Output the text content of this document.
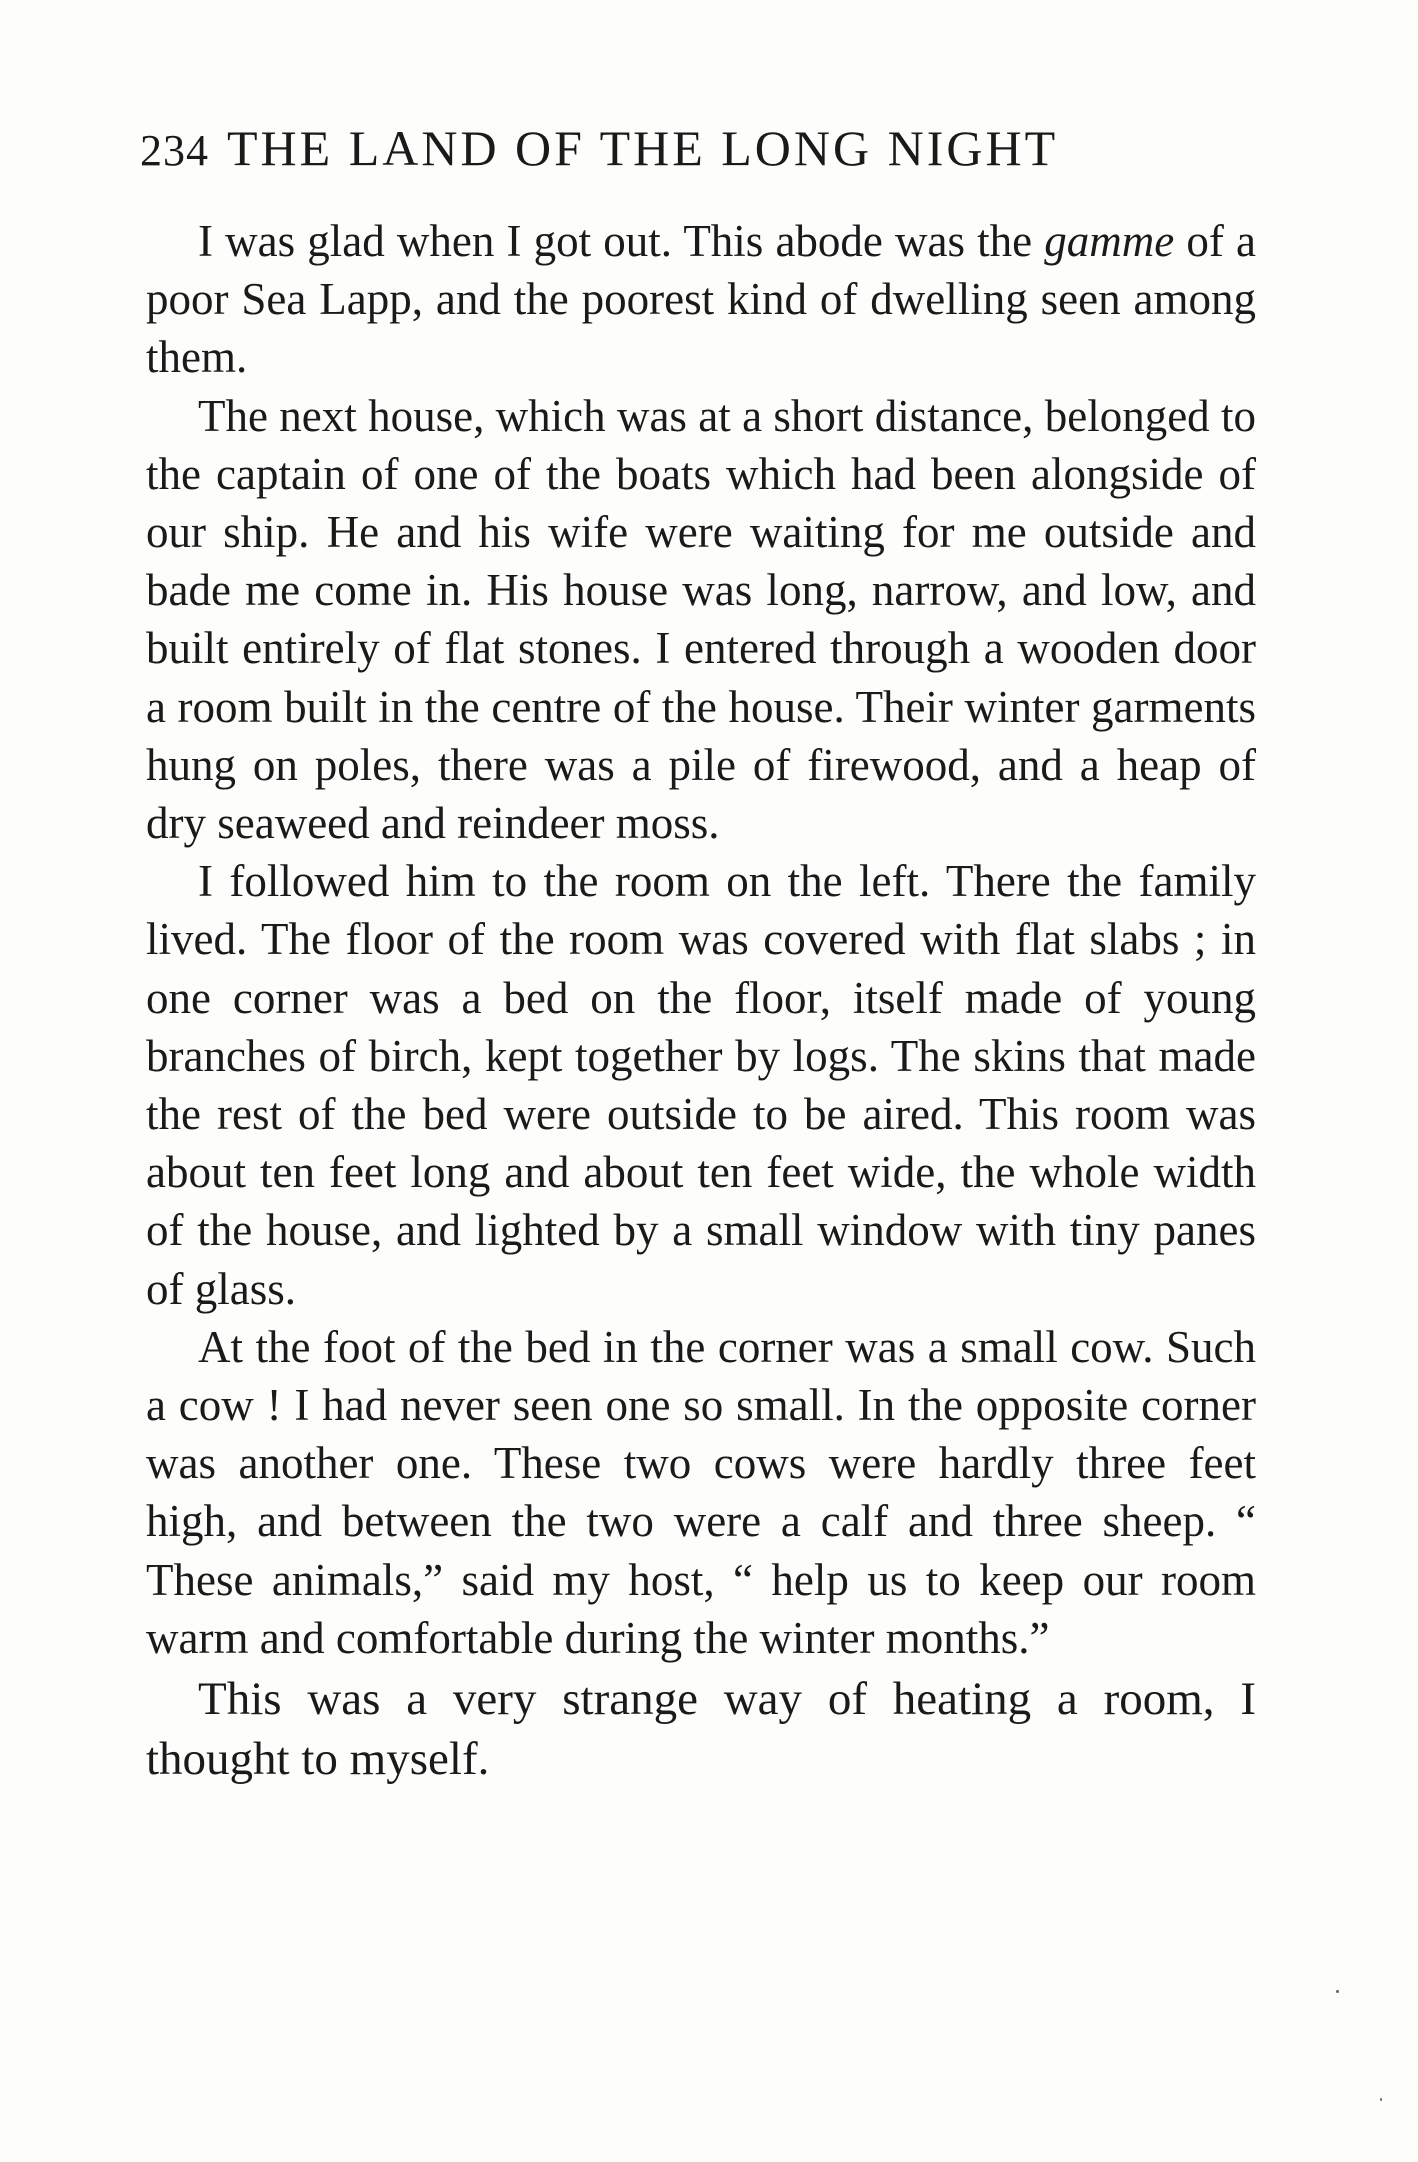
234 THE LAND OF THE LONG NIGHT

I was glad when I got out. This abode was the gamme of a poor Sea Lapp, and the poorest kind of dwelling seen among them.

The next house, which was at a short distance, belonged to the captain of one of the boats which had been alongside of our ship. He and his wife were waiting for me outside and bade me come in. His house was long, narrow, and low, and built entirely of flat stones. I entered through a wooden door a room built in the centre of the house. Their winter garments hung on poles, there was a pile of firewood, and a heap of dry seaweed and reindeer moss.

I followed him to the room on the left. There the family lived. The floor of the room was covered with flat slabs ; in one corner was a bed on the floor, itself made of young branches of birch, kept together by logs. The skins that made the rest of the bed were outside to be aired. This room was about ten feet long and about ten feet wide, the whole width of the house, and lighted by a small window with tiny panes of glass.

At the foot of the bed in the corner was a small cow. Such a cow ! I had never seen one so small. In the opposite corner was another one. These two cows were hardly three feet high, and between the two were a calf and three sheep. “ These animals,” said my host, “ help us to keep our room warm and comfortable during the winter months.”

This was a very strange way of heating a room, I thought to myself.
